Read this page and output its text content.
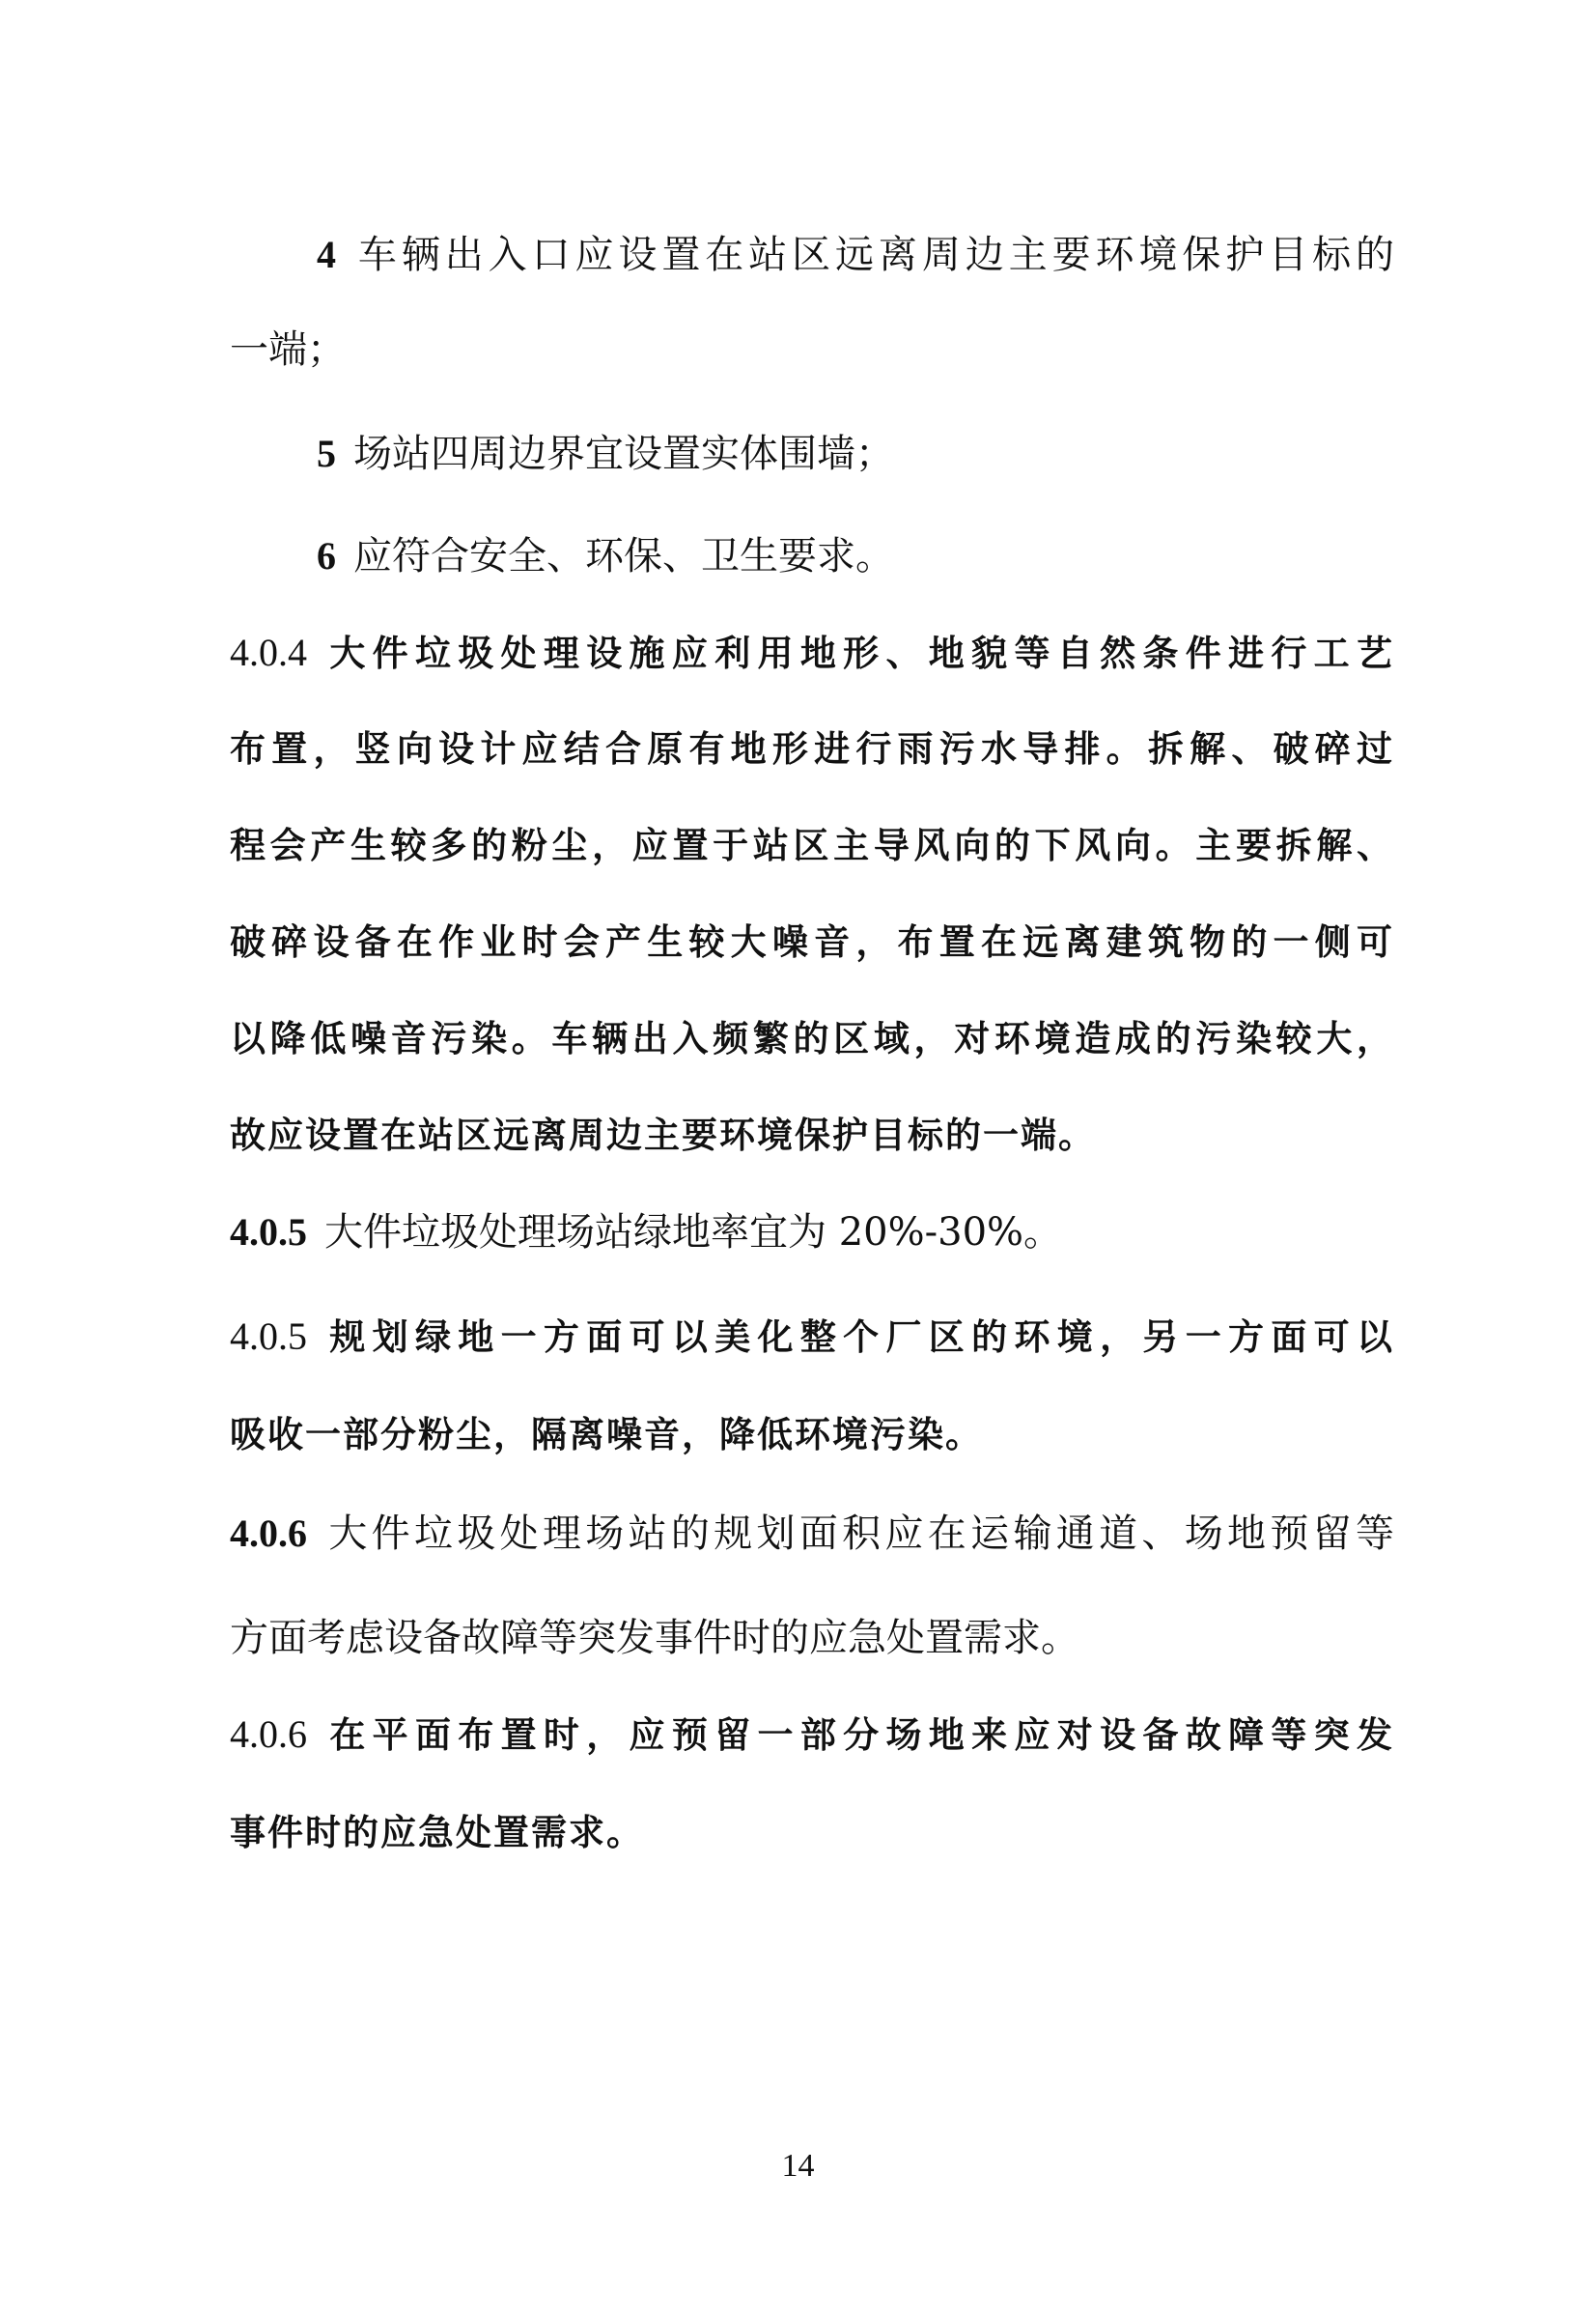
4 车辆出入口应设置在站区远离周边主要环境保护目标的
一端；
5 场站四周边界宜设置实体围墙；
6 应符合安全、环保、卫生要求。
4.0.4 大件垃圾处理设施应利用地形、地貌等自然条件进行工艺
布置，竖向设计应结合原有地形进行雨污水导排。拆解、破碎过
程会产生较多的粉尘，应置于站区主导风向的下风向。主要拆解、
破碎设备在作业时会产生较大噪音，布置在远离建筑物的一侧可
以降低噪音污染。车辆出入频繁的区域，对环境造成的污染较大，
故应设置在站区远离周边主要环境保护目标的一端。
4.0.5 大件垃圾处理场站绿地率宜为 20%-30%。
4.0.5 规划绿地一方面可以美化整个厂区的环境，另一方面可以
吸收一部分粉尘，隔离噪音，降低环境污染。
4.0.6 大件垃圾处理场站的规划面积应在运输通道、场地预留等
方面考虑设备故障等突发事件时的应急处置需求。
4.0.6 在平面布置时，应预留一部分场地来应对设备故障等突发
事件时的应急处置需求。
14
